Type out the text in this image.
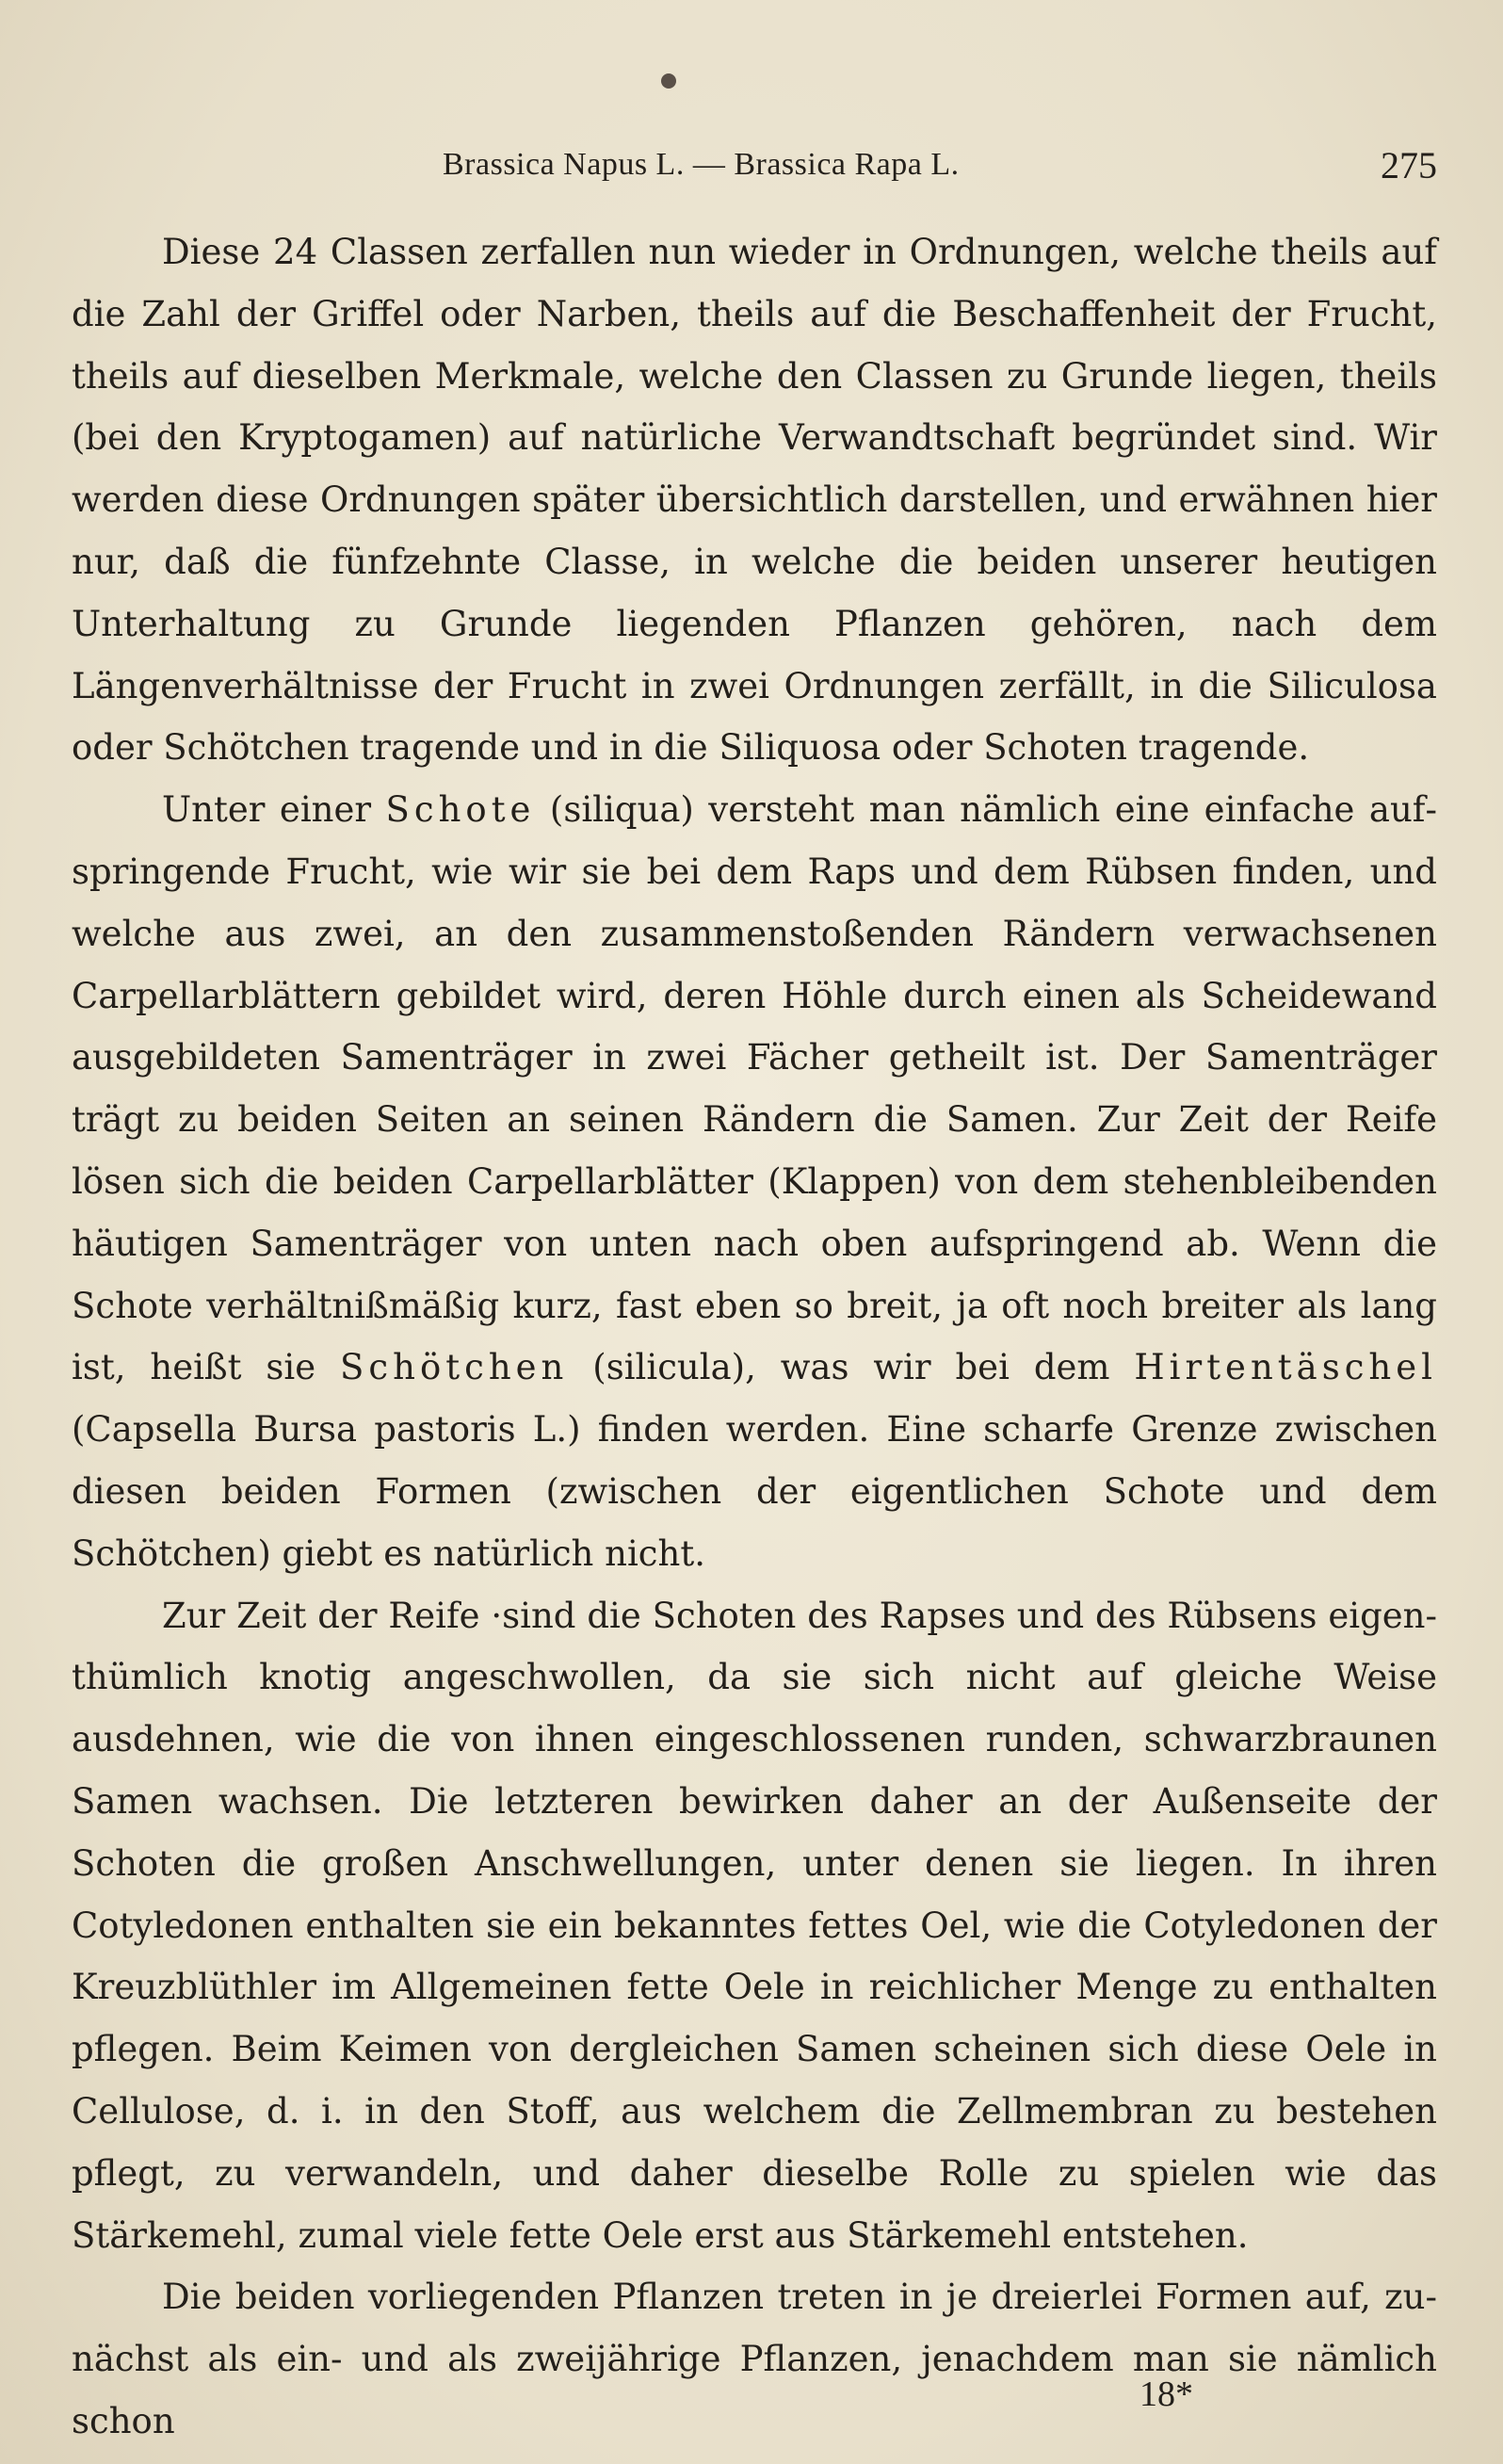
Brassica Napus L. — Brassica Rapa L.	275

Diese 24 Classen zerfallen nun wieder in Ordnungen, welche theils auf die Zahl der Griffel oder Narben, theils auf die Beschaffenheit der Frucht, theils auf dieselben Merkmale, welche den Classen zu Grunde liegen, theils (bei den Kryptogamen) auf natürliche Verwandtschaft begründet sind. Wir werden diese Ordnungen später übersichtlich darstellen, und erwähnen hier nur, daß die fünfzehnte Classe, in welche die beiden unserer heutigen Unterhaltung zu Grunde liegenden Pflanzen gehören, nach dem Längenverhältnisse der Frucht in zwei Ordnungen zerfällt, in die Siliculosa oder Schötchen tragende und in die Siliquosa oder Schoten tragende.

Unter einer Schote (siliqua) versteht man nämlich eine einfache aufspringende Frucht, wie wir sie bei dem Raps und dem Rübsen finden, und welche aus zwei, an den zusammenstoßenden Rändern verwachsenen Carpellarblättern gebildet wird, deren Höhle durch einen als Scheidewand ausgebildeten Samenträger in zwei Fächer getheilt ist. Der Samenträger trägt zu beiden Seiten an seinen Rändern die Samen. Zur Zeit der Reife lösen sich die beiden Carpellarblätter (Klappen) von dem stehenbleibenden häutigen Samenträger von unten nach oben aufspringend ab. Wenn die Schote verhältnißmäßig kurz, fast eben so breit, ja oft noch breiter als lang ist, heißt sie Schötchen (silicula), was wir bei dem Hirtentäschel (Capsella Bursa pastoris L.) finden werden. Eine scharfe Grenze zwischen diesen beiden Formen (zwischen der eigentlichen Schote und dem Schötchen) giebt es natürlich nicht.

Zur Zeit der Reife ·sind die Schoten des Rapses und des Rübsens eigenthümlich knotig angeschwollen, da sie sich nicht auf gleiche Weise ausdehnen, wie die von ihnen eingeschlossenen runden, schwarzbraunen Samen wachsen. Die letzteren bewirken daher an der Außenseite der Schoten die großen Anschwellungen, unter denen sie liegen. In ihren Cotyledonen enthalten sie ein bekanntes fettes Oel, wie die Cotyledonen der Kreuzblüthler im Allgemeinen fette Oele in reichlicher Menge zu enthalten pflegen. Beim Keimen von dergleichen Samen scheinen sich diese Oele in Cellulose, d. i. in den Stoff, aus welchem die Zellmembran zu bestehen pflegt, zu verwandeln, und daher dieselbe Rolle zu spielen wie das Stärkemehl, zumal viele fette Oele erst aus Stärkemehl entstehen.

Die beiden vorliegenden Pflanzen treten in je dreierlei Formen auf, zunächst als ein- und als zweijährige Pflanzen, jenachdem man sie nämlich schon

18*
